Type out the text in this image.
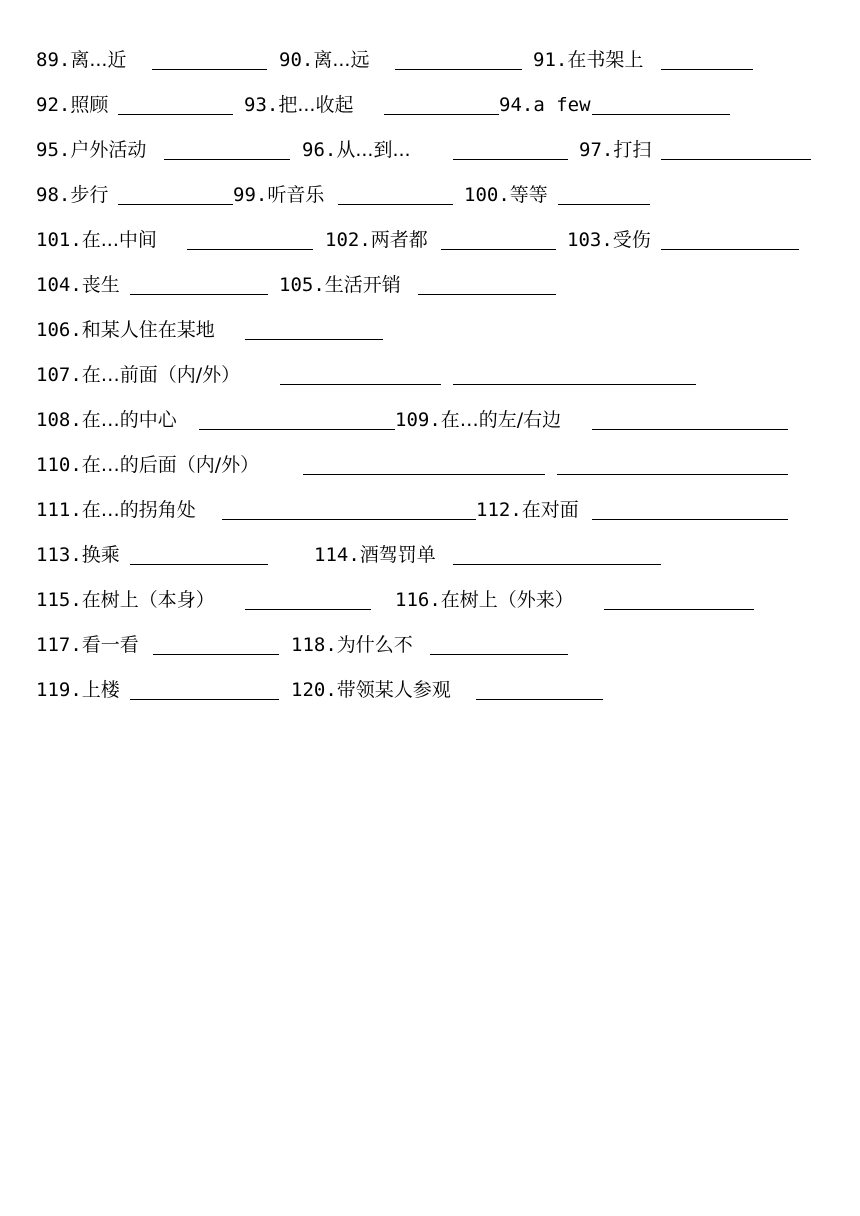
89.离...近	90.离...远	91.在书架上
92.照顾	93.把...收起	94.a few
95.户外活动	96.从...到...	97.打扫
98.步行	99.听音乐	100.等等
101.在...中间	102.两者都	103.受伤
104.丧生	105.生活开销
106.和某人住在某地
107.在…前面（内/外）
108.在…的中心	109.在…的左/右边
110.在…的后面（内/外）
111.在…的拐角处	112.在对面
113.换乘	114.酒驾罚单
115.在树上（本身）	116.在树上（外来）
117.看一看	118.为什么不
119.上楼	120.带领某人参观
